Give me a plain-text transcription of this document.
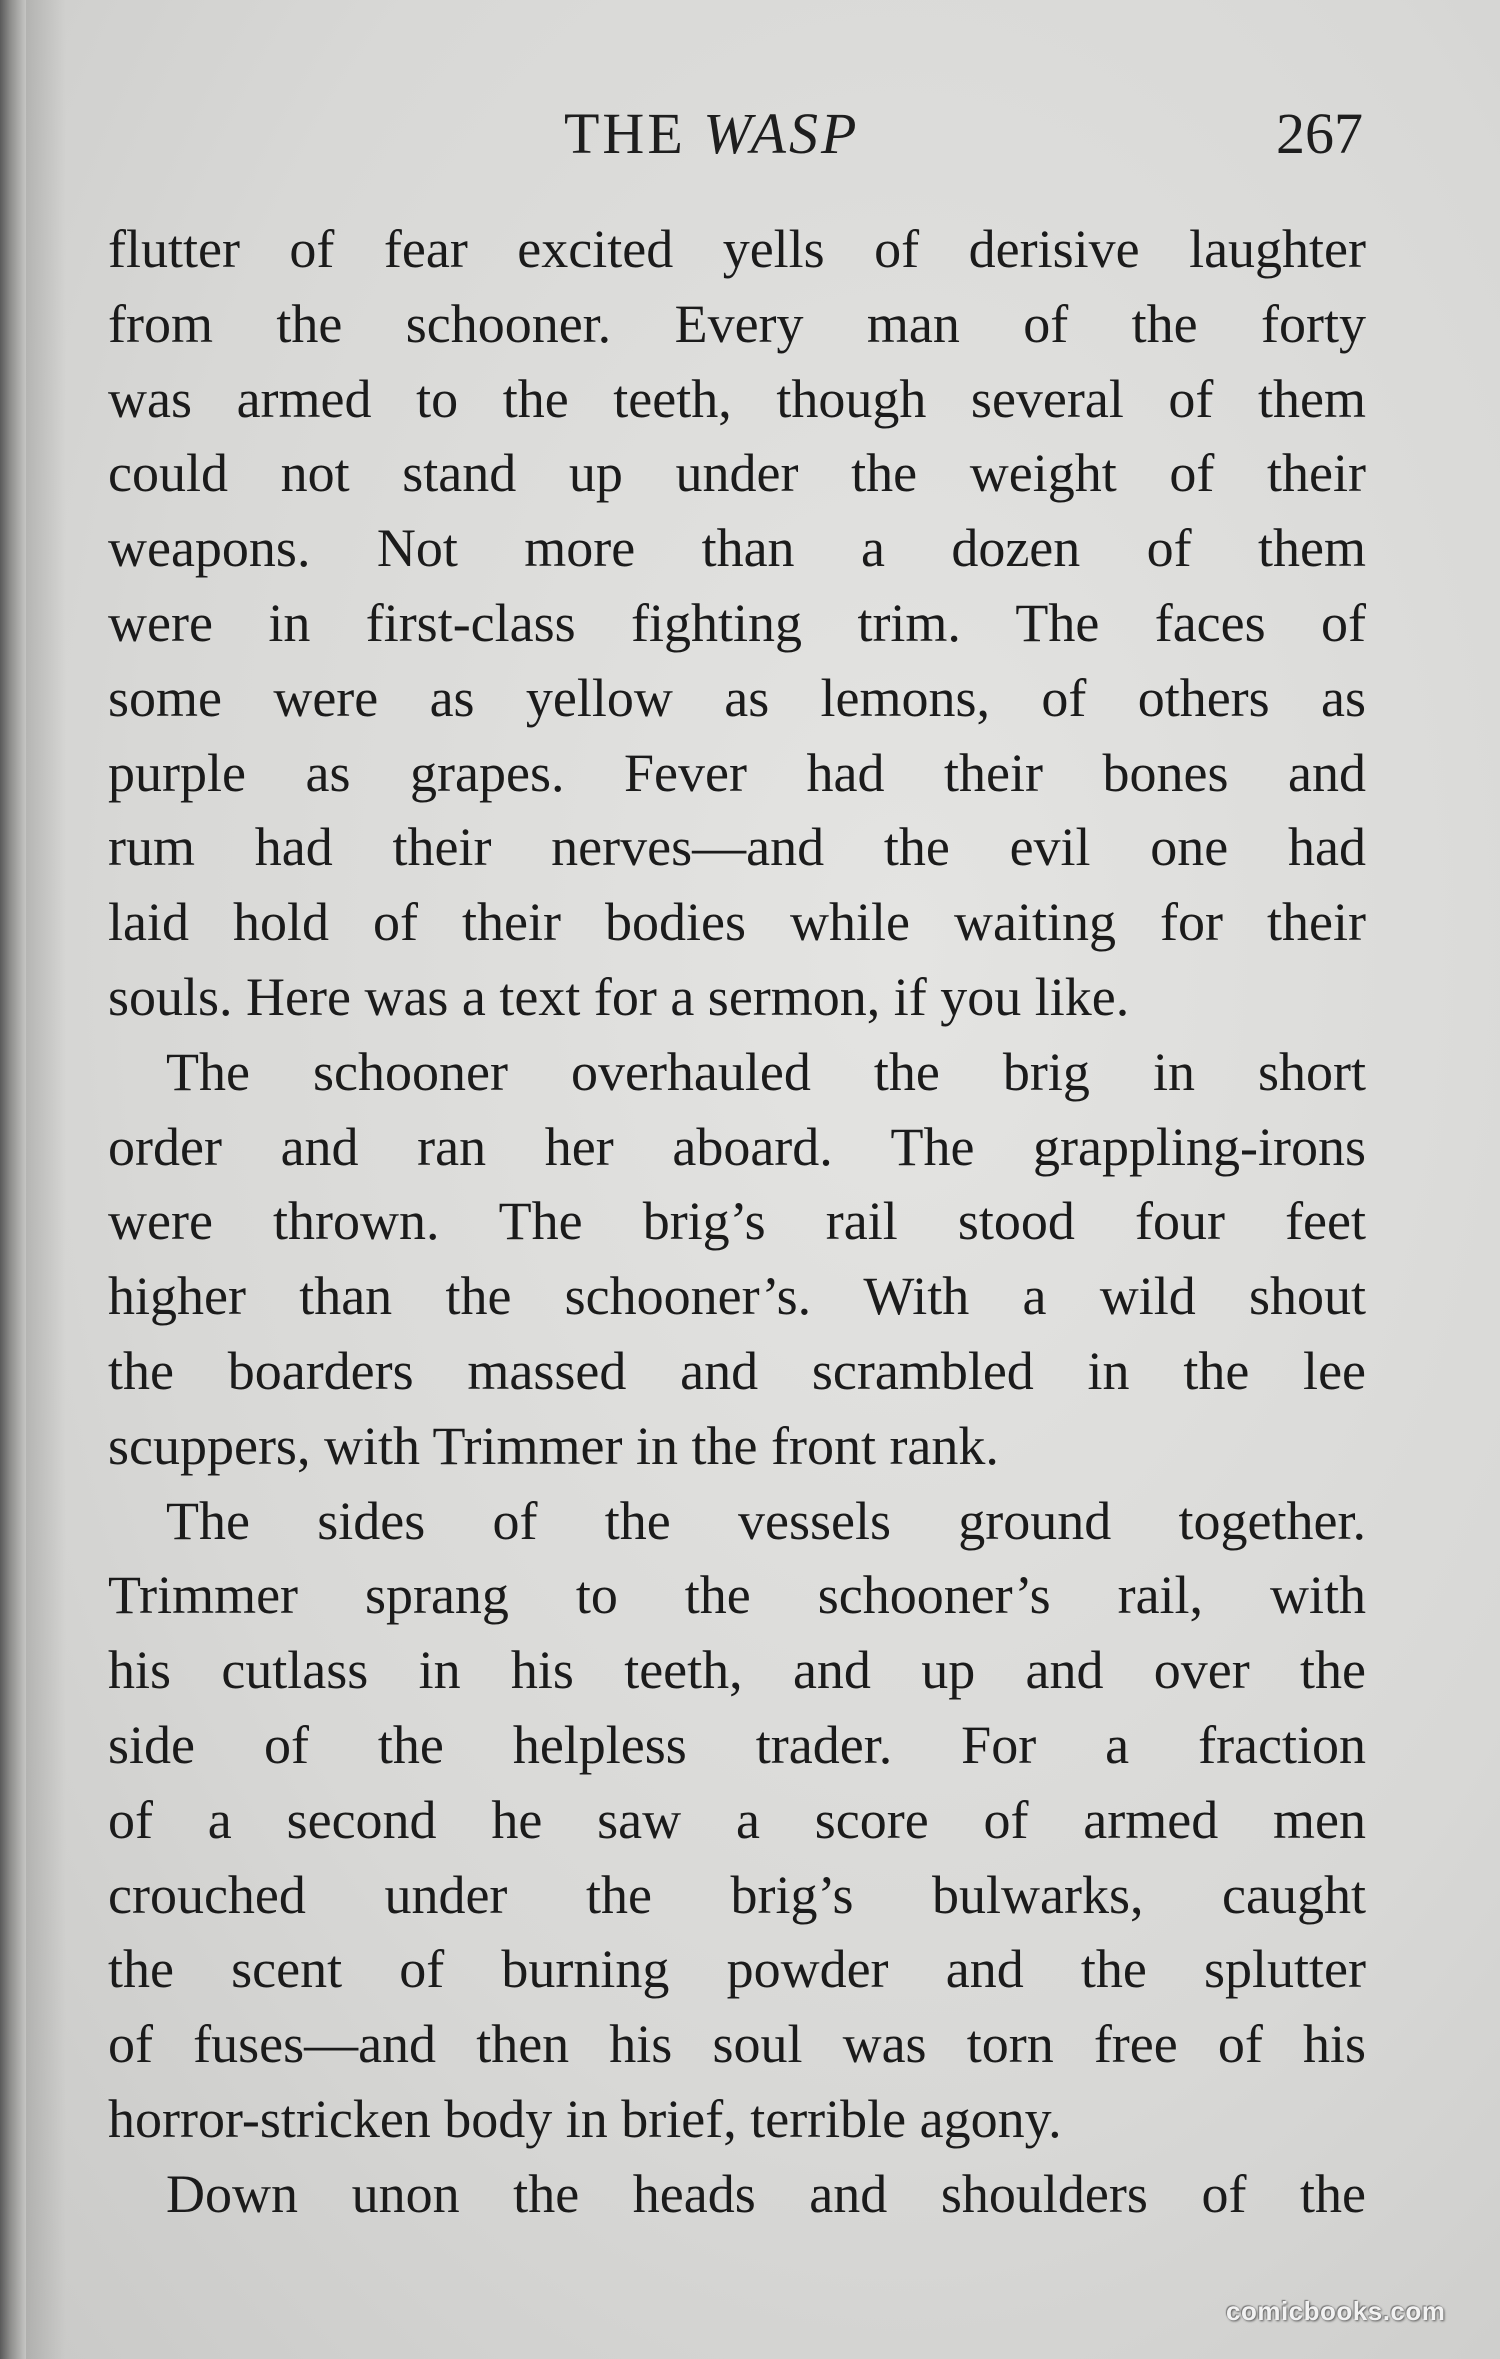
THE WASP	267
flutter of fear excited yells of derisive laughter
from the schooner. Every man of the forty
was armed to the teeth, though several of them
could not stand up under the weight of their
weapons. Not more than a dozen of them
were in first-class fighting trim. The faces of
some were as yellow as lemons, of others as
purple as grapes. Fever had their bones and
rum had their nerves—and the evil one had
laid hold of their bodies while waiting for their
souls. Here was a text for a sermon, if you like.
The schooner overhauled the brig in short
order and ran her aboard. The grappling-irons
were thrown. The brig’s rail stood four feet
higher than the schooner’s. With a wild shout
the boarders massed and scrambled in the lee
scuppers, with Trimmer in the front rank.
The sides of the vessels ground together.
Trimmer sprang to the schooner’s rail, with
his cutlass in his teeth, and up and over the
side of the helpless trader. For a fraction
of a second he saw a score of armed men
crouched under the brig’s bulwarks, caught
the scent of burning powder and the splutter
of fuses—and then his soul was torn free of his
horror-stricken body in brief, terrible agony.
Down unon the heads and shoulders of the
comicbooks.com
